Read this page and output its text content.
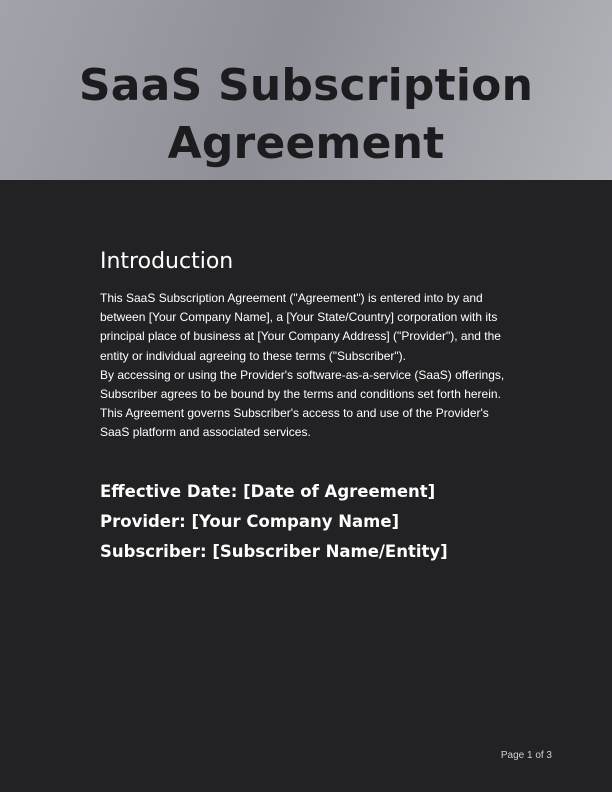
SaaS Subscription
Agreement
Introduction

This SaaS Subscription Agreement ("Agreement") is entered into by and between [Your Company Name], a [Your State/Country] corporation with its principal place of business at [Your Company Address] ("Provider"), and the entity or individual agreeing to these terms ("Subscriber").

By accessing or using the Provider's software-as-a-service (SaaS) offerings, Subscriber agrees to be bound by the terms and conditions set forth herein. This Agreement governs Subscriber's access to and use of the Provider's SaaS platform and associated services.

Effective Date: [Date of Agreement]
Provider: [Your Company Name]
Subscriber: [Subscriber Name/Entity]
Page 1 of 3
